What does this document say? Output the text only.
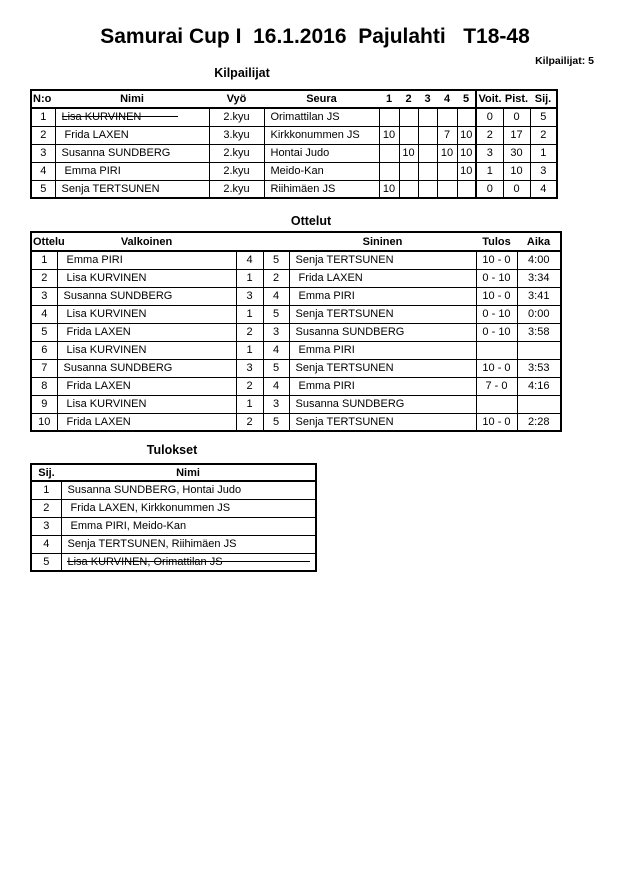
Samurai Cup I  16.1.2016  Pajulahti   T18-48
Kilpailijat: 5
Kilpailijat
N:o	Nimi	Vyö	Seura	1	2	3	4	5	Voit.	Pist.	Sij.
1	Lisa KURVINEN	2.kyu	Orimattilan JS						0	0	5
2	Frida LAXEN	3.kyu	Kirkkonummen JS	10			7	10	2	17	2
3	Susanna SUNDBERG	2.kyu	Hontai Judo		10		10	10	3	30	1
4	Emma PIRI	2.kyu	Meido-Kan					10	1	10	3
5	Senja TERTSUNEN	2.kyu	Riihimäen JS	10					0	0	4
Ottelut
Ottelu	Valkoinen			Sininen	Tulos	Aika
1	Emma PIRI	4	5	Senja TERTSUNEN	10 - 0	4:00
2	Lisa KURVINEN	1	2	Frida LAXEN	0 - 10	3:34
3	Susanna SUNDBERG	3	4	Emma PIRI	10 - 0	3:41
4	Lisa KURVINEN	1	5	Senja TERTSUNEN	0 - 10	0:00
5	Frida LAXEN	2	3	Susanna SUNDBERG	0 - 10	3:58
6	Lisa KURVINEN	1	4	Emma PIRI		
7	Susanna SUNDBERG	3	5	Senja TERTSUNEN	10 - 0	3:53
8	Frida LAXEN	2	4	Emma PIRI	7 - 0	4:16
9	Lisa KURVINEN	1	3	Susanna SUNDBERG		
10	Frida LAXEN	2	5	Senja TERTSUNEN	10 - 0	2:28
Tulokset
Sij.	Nimi
1	Susanna SUNDBERG, Hontai Judo
2	Frida LAXEN, Kirkkonummen JS
3	Emma PIRI, Meido-Kan
4	Senja TERTSUNEN, Riihimäen JS
5	Lisa KURVINEN, Orimattilan JS
